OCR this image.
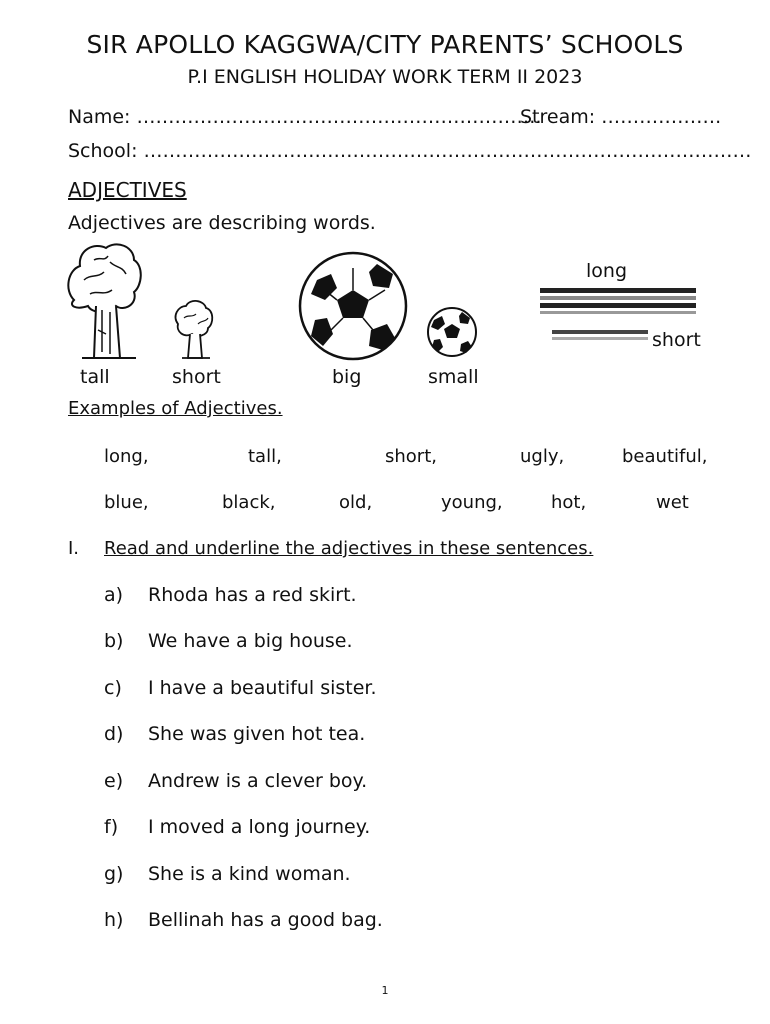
SIR APOLLO KAGGWA/CITY PARENTS’ SCHOOLS
P.I ENGLISH HOLIDAY WORK TERM II 2023
Name: ……………………………………………………….
Stream: ……………….
School: ……………………………………………………………………………………
ADJECTIVES
Adjectives are describing words.
tall	short	big	small
long
short
Examples of Adjectives.
long,	tall,	short,	ugly,	beautiful,
blue,	black,	old,	young,	hot,	wet
I. Read and underline the adjectives in these sentences.
a) Rhoda has a red skirt.
b) We have a big house.
c) I have a beautiful sister.
d) She was given hot tea.
e) Andrew is a clever boy.
f) I moved a long journey.
g) She is a kind woman.
h) Bellinah has a good bag.
1
